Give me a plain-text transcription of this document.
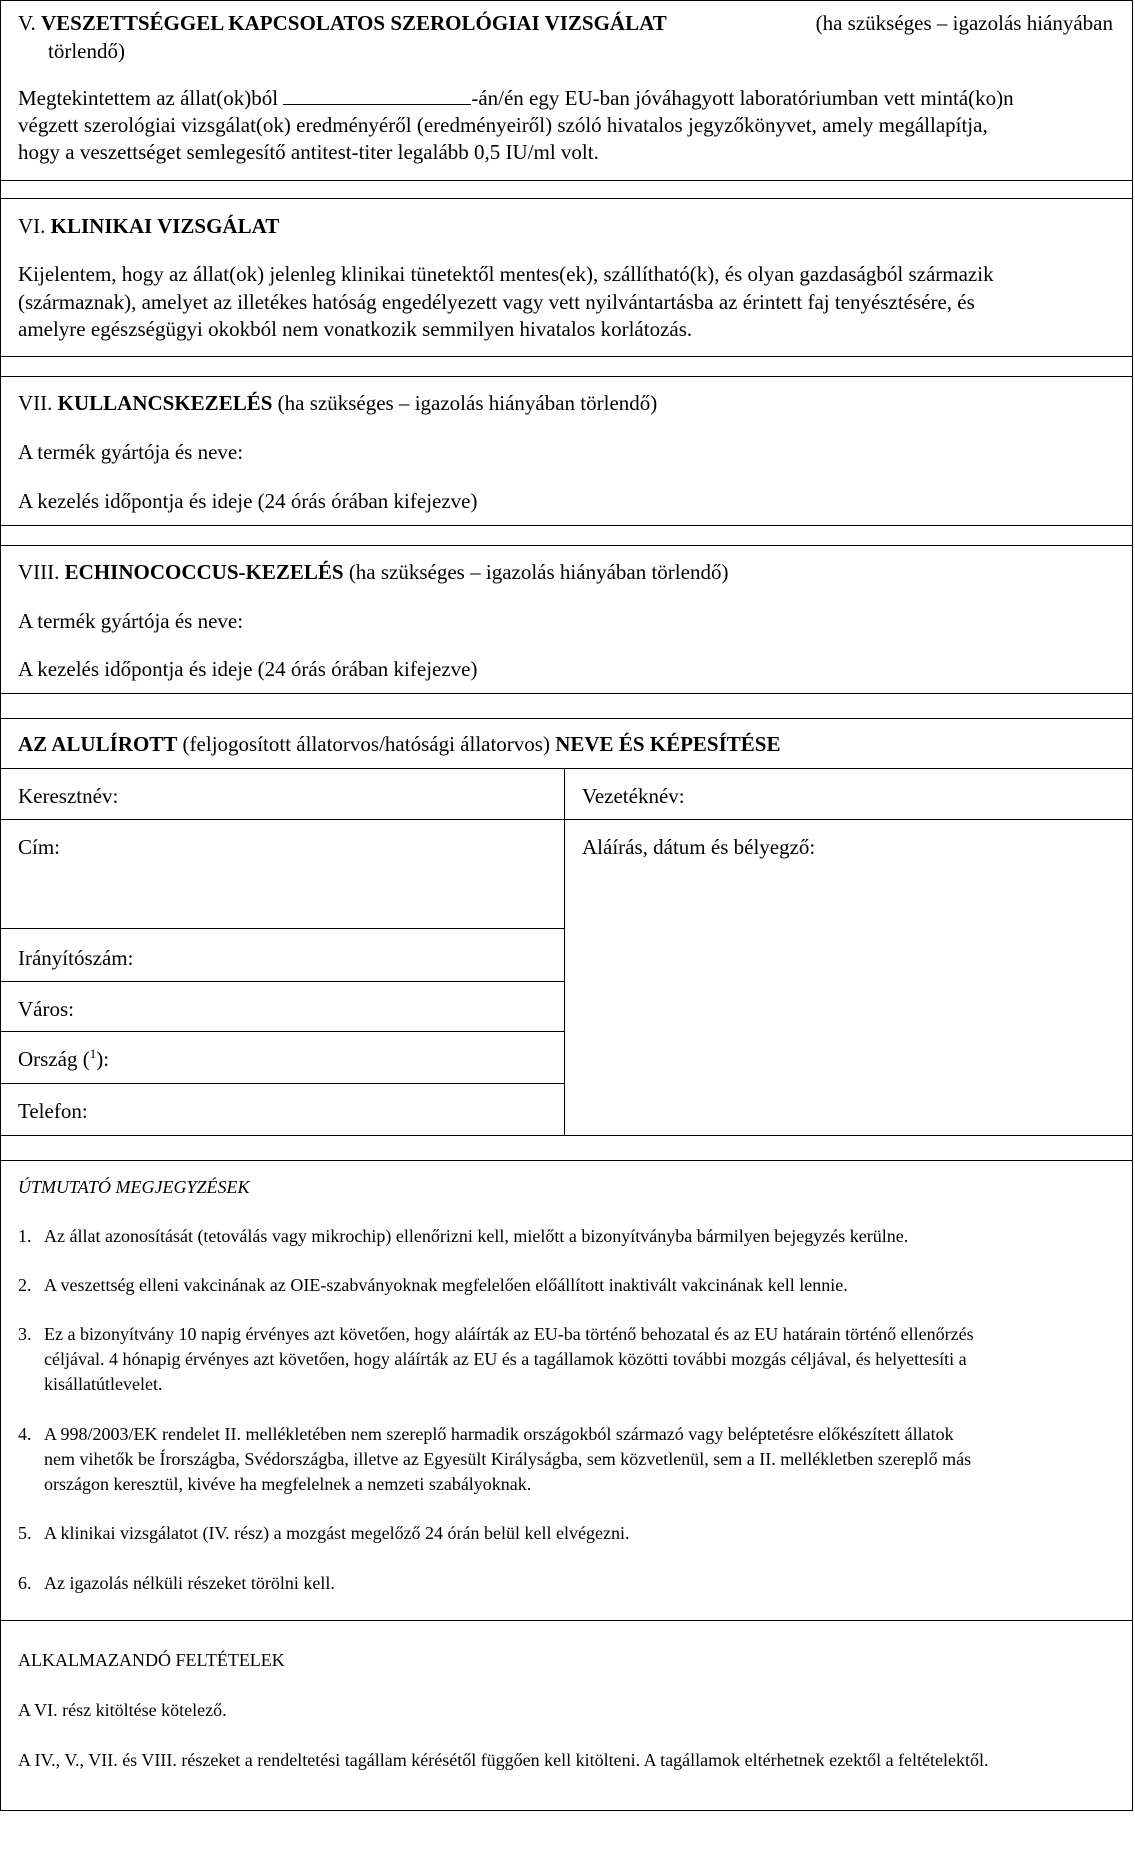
V. VESZETTSÉGGEL KAPCSOLATOS SZEROLÓGIAI VIZSGÁLAT	(ha szükséges – igazolás hiányában
törlendő)
Megtekintettem az állat(ok)ból	-án/én egy EU-ban jóváhagyott laboratóriumban vett mintá(ko)n
végzett szerológiai vizsgálat(ok) eredményéről (eredményeiről) szóló hivatalos jegyzőkönyvet, amely megállapítja,
hogy a veszettséget semlegesítő antitest-titer legalább 0,5 IU/ml volt.
VI. KLINIKAI VIZSGÁLAT
Kijelentem, hogy az állat(ok) jelenleg klinikai tünetektől mentes(ek), szállítható(k), és olyan gazdaságból származik
(származnak), amelyet az illetékes hatóság engedélyezett vagy vett nyilvántartásba az érintett faj tenyésztésére, és
amelyre egészségügyi okokból nem vonatkozik semmilyen hivatalos korlátozás.
VII. KULLANCSKEZELÉS (ha szükséges – igazolás hiányában törlendő)
A termék gyártója és neve:
A kezelés időpontja és ideje (24 órás órában kifejezve)
VIII. ECHINOCOCCUS-KEZELÉS (ha szükséges – igazolás hiányában törlendő)
A termék gyártója és neve:
A kezelés időpontja és ideje (24 órás órában kifejezve)
AZ ALULÍROTT (feljogosított állatorvos/hatósági állatorvos) NEVE ÉS KÉPESÍTÉSE
Keresztnév:	Vezetéknév:
Cím:	Aláírás, dátum és bélyegző:
Irányítószám:
Város:
Ország ($^1$):
Telefon:
ÚTMUTATÓ MEGJEGYZÉSEK
1. Az állat azonosítását (tetoválás vagy mikrochip) ellenőrizni kell, mielőtt a bizonyítványba bármilyen bejegyzés kerülne.
2. A veszettség elleni vakcinának az OIE-szabványoknak megfelelően előállított inaktivált vakcinának kell lennie.
3. Ez a bizonyítvány 10 napig érvényes azt követően, hogy aláírták az EU-ba történő behozatal és az EU határain történő ellenőrzés
céljával. 4 hónapig érvényes azt követően, hogy aláírták az EU és a tagállamok közötti további mozgás céljával, és helyettesíti a
kisállatútlevelet.
4. A 998/2003/EK rendelet II. mellékletében nem szereplő harmadik országokból származó vagy beléptetésre előkészített állatok
nem vihetők be Írországba, Svédországba, illetve az Egyesült Királyságba, sem közvetlenül, sem a II. mellékletben szereplő más
országon keresztül, kivéve ha megfelelnek a nemzeti szabályoknak.
5. A klinikai vizsgálatot (IV. rész) a mozgást megelőző 24 órán belül kell elvégezni.
6. Az igazolás nélküli részeket törölni kell.
ALKALMAZANDÓ FELTÉTELEK
A VI. rész kitöltése kötelező.
A IV., V., VII. és VIII. részeket a rendeltetési tagállam kérésétől függően kell kitölteni. A tagállamok eltérhetnek ezektől a feltételektől.
